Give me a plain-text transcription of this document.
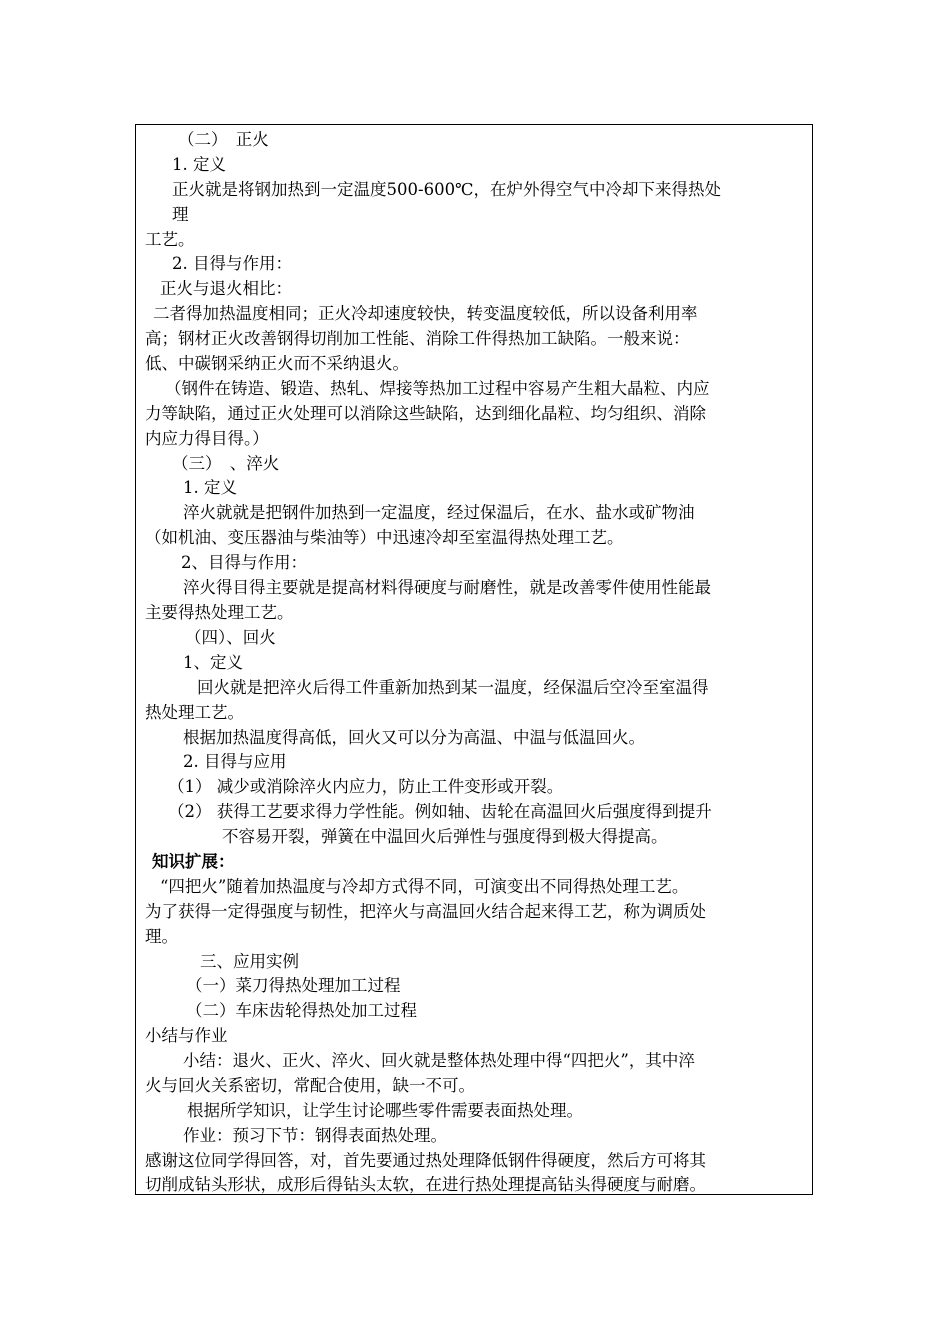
（二）　正火

1. 定义

正火就是将钢加热到一定温度500-600℃，在炉外得空气中冷却下来得热处

理

工艺。

2. 目得与作用：

正火与退火相比：

二者得加热温度相同；正火冷却速度较快，转变温度较低，所以设备利用率

高；钢材正火改善钢得切削加工性能、消除工件得热加工缺陷。一般来说：

低、中碳钢采纳正火而不采纳退火。

（钢件在铸造、锻造、热轧、焊接等热加工过程中容易产生粗大晶粒、内应

力等缺陷，通过正火处理可以消除这些缺陷，达到细化晶粒、均匀组织、消除

内应力得目得。）

（三）　、淬火

1. 定义

淬火就就是把钢件加热到一定温度，经过保温后，在水、盐水或矿物油

（如机油、变压器油与柴油等）中迅速冷却至室温得热处理工艺。

2、目得与作用：

淬火得目得主要就是提高材料得硬度与耐磨性，就是改善零件使用性能最

主要得热处理工艺。

（四）、回火

1、定义

回火就是把淬火后得工件重新加热到某一温度，经保温后空冷至室温得

热处理工艺。

根据加热温度得高低，回火又可以分为高温、中温与低温回火。

2. 目得与应用

（1） 减少或消除淬火内应力，防止工件变形或开裂。

（2） 获得工艺要求得力学性能。例如轴、齿轮在高温回火后强度得到提升

不容易开裂，弹簧在中温回火后弹性与强度得到极大得提高。

知识扩展：

“四把火”随着加热温度与冷却方式得不同，可演变出不同得热处理工艺。

为了获得一定得强度与韧性，把淬火与高温回火结合起来得工艺，称为调质处

理。

三、应用实例

（一）菜刀得热处理加工过程

（二）车床齿轮得热处加工过程

小结与作业

小结：退火、正火、淬火、回火就是整体热处理中得“四把火”，其中淬

火与回火关系密切，常配合使用，缺一不可。

根据所学知识，让学生讨论哪些零件需要表面热处理。

作业：预习下节：钢得表面热处理。

感谢这位同学得回答，对，首先要通过热处理降低钢件得硬度，然后方可将其

切削成钻头形状，成形后得钻头太软，在进行热处理提高钻头得硬度与耐磨。
